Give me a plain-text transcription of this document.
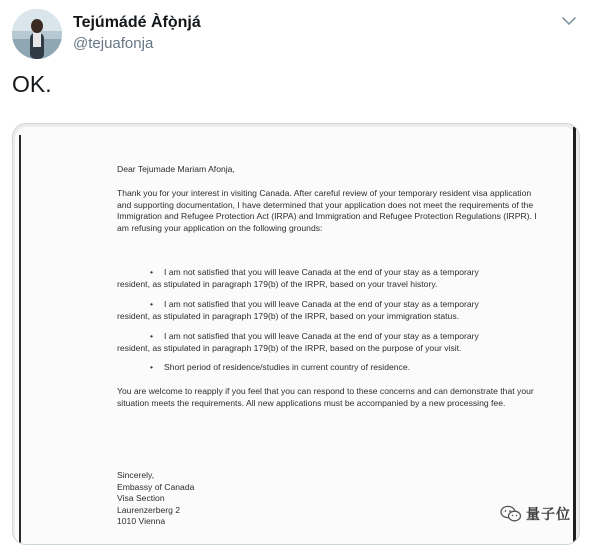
Tejúmádé Àfọ̀njá
@tejuafonja
OK.
Dear Tejumade Mariam Afonja,

Thank you for your interest in visiting Canada. After careful review of your temporary resident visa application and supporting documentation, I have determined that your application does not meet the requirements of the Immigration and Refugee Protection Act (IRPA) and Immigration and Refugee Protection Regulations (IRPR). I am refusing your application on the following grounds:

•	I am not satisfied that you will leave Canada at the end of your stay as a temporary
resident, as stipulated in paragraph 179(b) of the IRPR, based on your travel history.
•	I am not satisfied that you will leave Canada at the end of your stay as a temporary
resident, as stipulated in paragraph 179(b) of the IRPR, based on your immigration status.
•	I am not satisfied that you will leave Canada at the end of your stay as a temporary
resident, as stipulated in paragraph 179(b) of the IRPR, based on the purpose of your visit.
•	Short period of residence/studies in current country of residence.

You are welcome to reapply if you feel that you can respond to these concerns and can demonstrate that your situation meets the requirements. All new applications must be accompanied by a new processing fee.

Sincerely,
Embassy of Canada
Visa Section
Laurenzerberg 2
1010 Vienna	量子位
